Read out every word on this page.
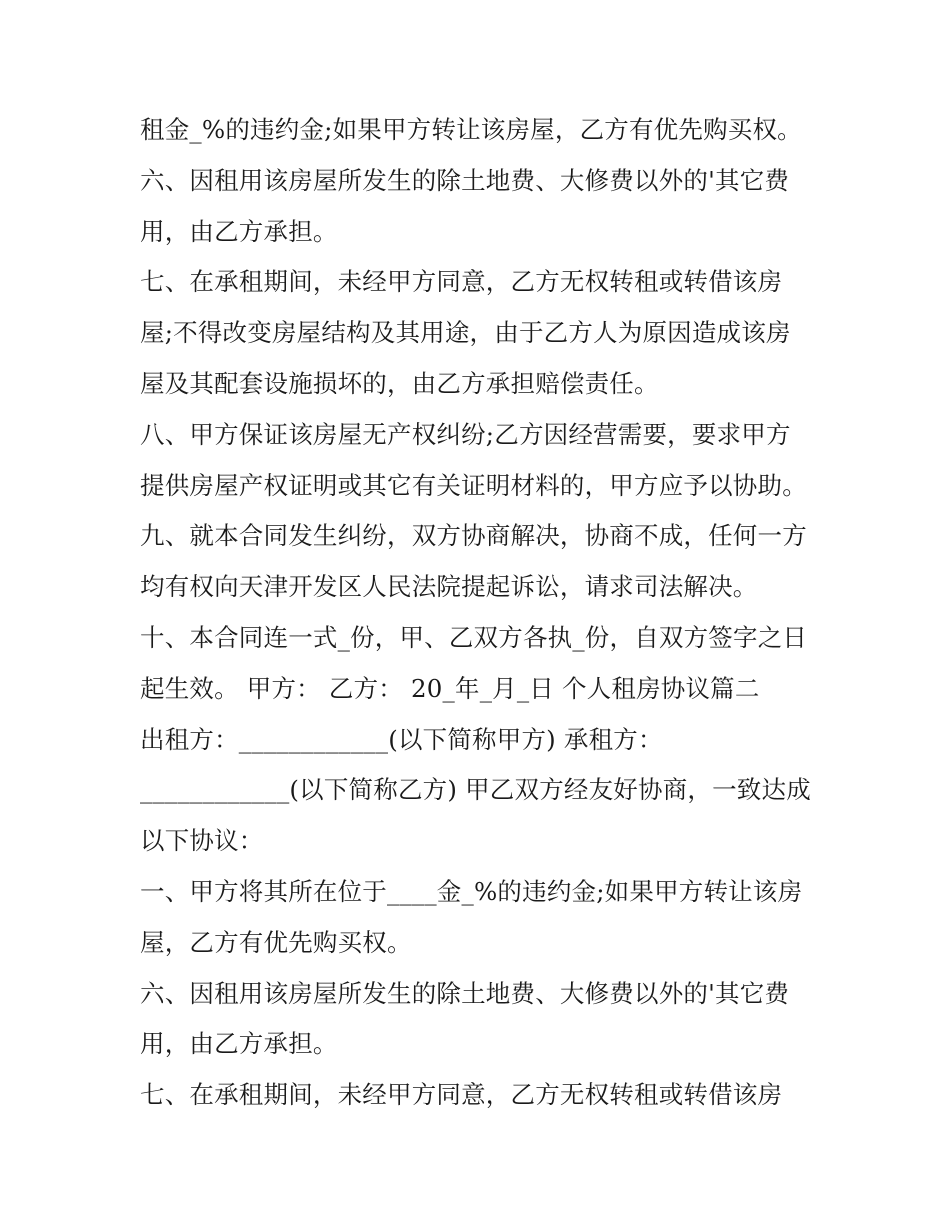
租金_%的违约金;如果甲方转让该房屋，乙方有优先购买权。
六、因租用该房屋所发生的除土地费、大修费以外的'其它费
用，由乙方承担。
七、在承租期间，未经甲方同意，乙方无权转租或转借该房
屋;不得改变房屋结构及其用途，由于乙方人为原因造成该房
屋及其配套设施损坏的，由乙方承担赔偿责任。
八、甲方保证该房屋无产权纠纷;乙方因经营需要，要求甲方
提供房屋产权证明或其它有关证明材料的，甲方应予以协助。
九、就本合同发生纠纷，双方协商解决，协商不成，任何一方
均有权向天津开发区人民法院提起诉讼，请求司法解决。
十、本合同连一式_份，甲、乙双方各执_份，自双方签字之日
起生效。 甲方： 乙方： 20_年_月_日 个人租房协议篇二
出租方：____________(以下简称甲方) 承租方：
____________(以下简称乙方) 甲乙双方经友好协商，一致达成
以下协议：
一、甲方将其所在位于____金_%的违约金;如果甲方转让该房
屋，乙方有优先购买权。
六、因租用该房屋所发生的除土地费、大修费以外的'其它费
用，由乙方承担。
七、在承租期间，未经甲方同意，乙方无权转租或转借该房
